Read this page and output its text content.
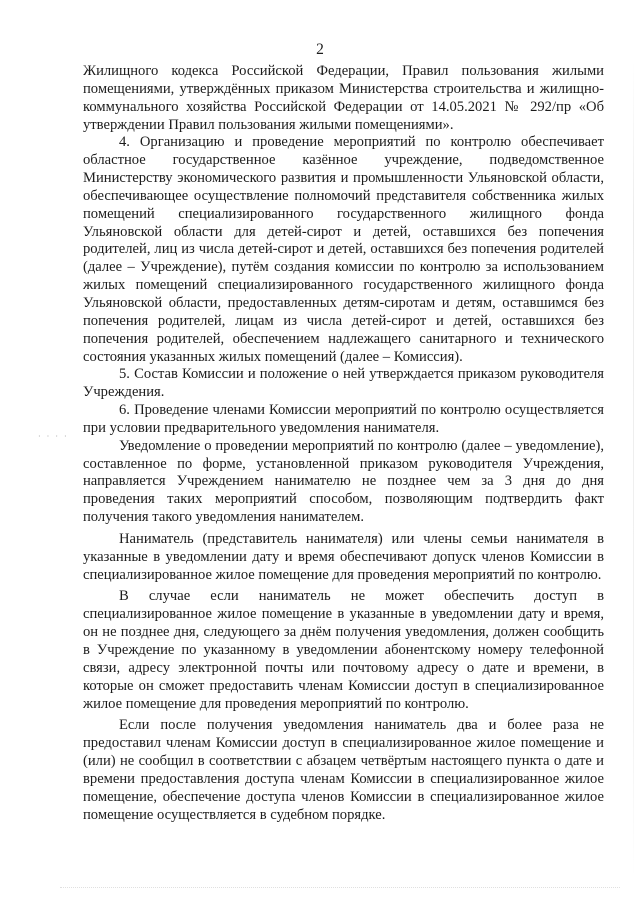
2

Жилищного кодекса Российской Федерации, Правил пользования жилыми помещениями, утверждённых приказом Министерства строительства и жилищно-коммунального хозяйства Российской Федерации от 14.05.2021 № 292/пр «Об утверждении Правил пользования жилыми помещениями».

4. Организацию и проведение мероприятий по контролю обеспечивает областное государственное казённое учреждение, подведомственное Министерству экономического развития и промышленности Ульяновской области, обеспечивающее осуществление полномочий представителя собственника жилых помещений специализированного государственного жилищного фонда Ульяновской области для детей-сирот и детей, оставшихся без попечения родителей, лиц из числа детей-сирот и детей, оставшихся без попечения родителей (далее – Учреждение), путём создания комиссии по контролю за использованием жилых помещений специализированного государственного жилищного фонда Ульяновской области, предоставленных детям-сиротам и детям, оставшимся без попечения родителей, лицам из числа детей-сирот и детей, оставшихся без попечения родителей, обеспечением надлежащего санитарного и технического состояния указанных жилых помещений (далее – Комиссия).

5. Состав Комиссии и положение о ней утверждается приказом руководителя Учреждения.

6. Проведение членами Комиссии мероприятий по контролю осуществляется при условии предварительного уведомления нанимателя.

Уведомление о проведении мероприятий по контролю (далее – уведомление), составленное по форме, установленной приказом руководителя Учреждения, направляется Учреждением нанимателю не позднее чем за 3 дня до дня проведения таких мероприятий способом, позволяющим подтвердить факт получения такого уведомления нанимателем.

Наниматель (представитель нанимателя) или члены семьи нанимателя в указанные в уведомлении дату и время обеспечивают допуск членов Комиссии в специализированное жилое помещение для проведения мероприятий по контролю.

В случае если наниматель не может обеспечить доступ в специализированное жилое помещение в указанные в уведомлении дату и время, он не позднее дня, следующего за днём получения уведомления, должен сообщить в Учреждение по указанному в уведомлении абонентскому номеру телефонной связи, адресу электронной почты или почтовому адресу о дате и времени, в которые он сможет предоставить членам Комиссии доступ в специализированное жилое помещение для проведения мероприятий по контролю.

Если после получения уведомления наниматель два и более раза не предоставил членам Комиссии доступ в специализированное жилое помещение и (или) не сообщил в соответствии с абзацем четвёртым настоящего пункта о дате и времени предоставления доступа членам Комиссии в специализированное жилое помещение, обеспечение доступа членов Комиссии в специализированное жилое помещение осуществляется в судебном порядке.

· · · ·
